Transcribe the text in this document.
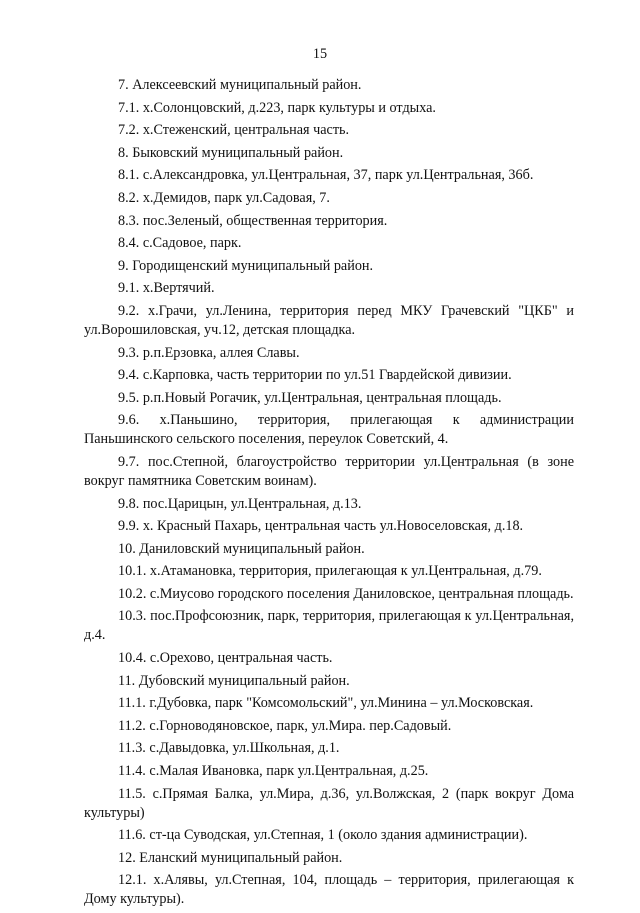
15

7. Алексеевский муниципальный район.

7.1. х.Солонцовский, д.223, парк культуры и отдыха.

7.2. х.Стеженский, центральная часть.

8. Быковский муниципальный район.

8.1. с.Александровка, ул.Центральная, 37, парк ул.Центральная, 36б.

8.2. х.Демидов, парк ул.Садовая, 7.

8.3. пос.Зеленый, общественная территория.

8.4. с.Садовое, парк.

9. Городищенский муниципальный район.

9.1. х.Вертячий.

9.2. х.Грачи, ул.Ленина, территория перед МКУ Грачевский "ЦКБ" и ул.Ворошиловская, уч.12, детская площадка.

9.3. р.п.Ерзовка, аллея Славы.

9.4. с.Карповка, часть территории по ул.51 Гвардейской дивизии.

9.5. р.п.Новый Рогачик, ул.Центральная, центральная площадь.

9.6. х.Паньшино, территория, прилегающая к администрации Паньшинского сельского поселения, переулок Советский, 4.

9.7. пос.Степной, благоустройство территории ул.Центральная (в зоне вокруг памятника Советским воинам).

9.8. пос.Царицын, ул.Центральная, д.13.

9.9. х. Красный Пахарь, центральная часть ул.Новоселовская, д.18.

10. Даниловский муниципальный район.

10.1. х.Атамановка, территория, прилегающая к ул.Центральная, д.79.

10.2. с.Миусово городского поселения Даниловское, центральная площадь.

10.3. пос.Профсоюзник, парк, территория, прилегающая к ул.Центральная, д.4.

10.4. с.Орехово, центральная часть.

11. Дубовский муниципальный район.

11.1. г.Дубовка, парк "Комсомольский", ул.Минина – ул.Московская.

11.2. с.Горноводяновское, парк, ул.Мира. пер.Садовый.

11.3. с.Давыдовка, ул.Школьная, д.1.

11.4. с.Малая Ивановка, парк ул.Центральная, д.25.

11.5. с.Прямая Балка, ул.Мира, д.36, ул.Волжская, 2 (парк вокруг Дома культуры)

11.6. ст-ца Суводская, ул.Степная, 1 (около здания администрации).

12. Еланский муниципальный район.

12.1. х.Алявы, ул.Степная, 104, площадь – территория, прилегающая к Дому культуры).
